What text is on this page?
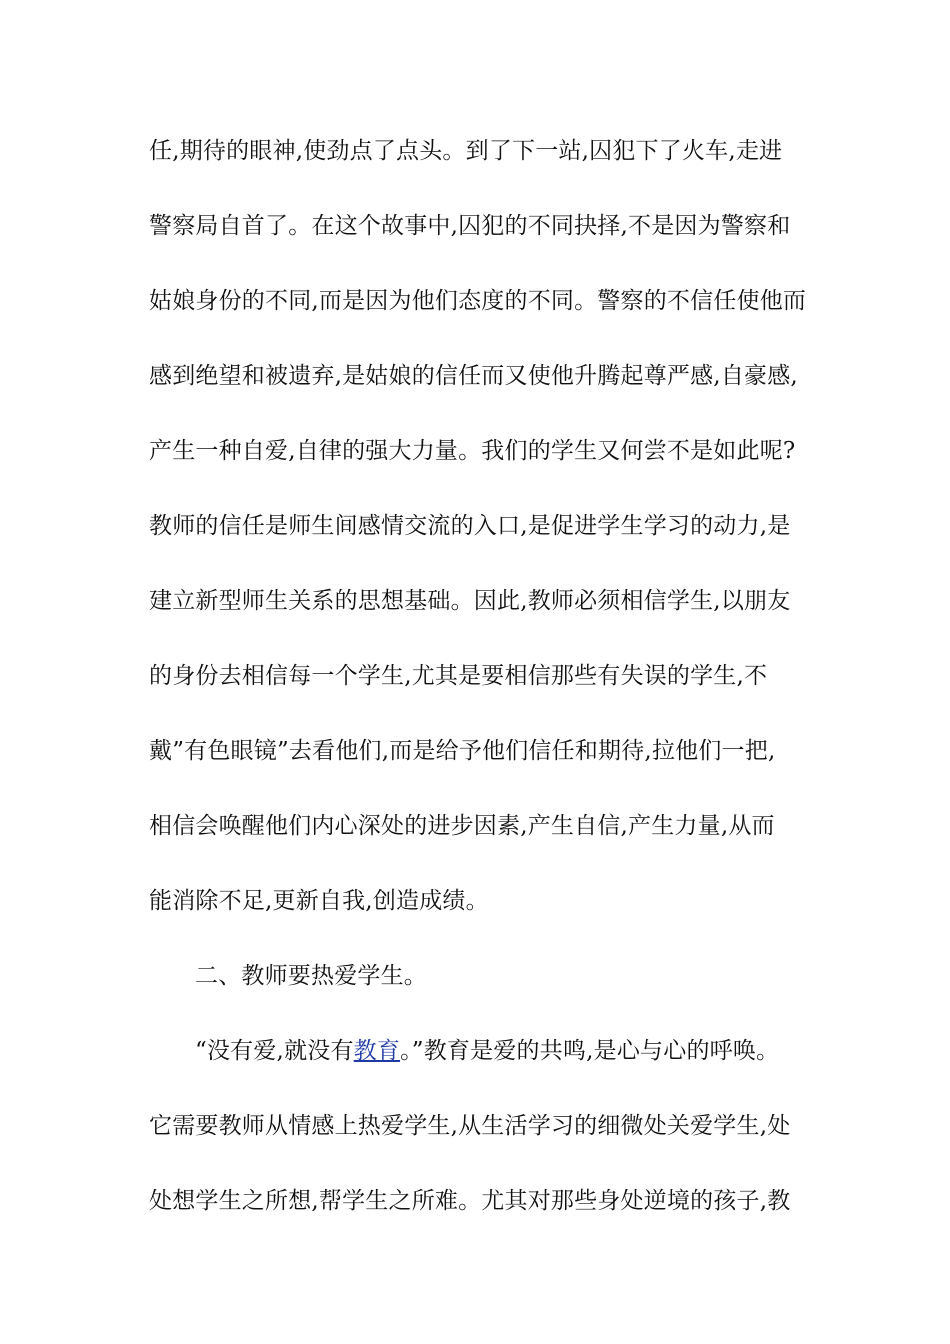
任,期待的眼神,使劲点了点头。到了下一站,囚犯下了火车,走进
警察局自首了。在这个故事中,囚犯的不同抉择,不是因为警察和
姑娘身份的不同,而是因为他们态度的不同。警察的不信任使他而
感到绝望和被遗弃,是姑娘的信任而又使他升腾起尊严感,自豪感,
产生一种自爱,自律的强大力量。我们的学生又何尝不是如此呢?
教师的信任是师生间感情交流的入口,是促进学生学习的动力,是
建立新型师生关系的思想基础。因此,教师必须相信学生,以朋友
的身份去相信每一个学生,尤其是要相信那些有失误的学生,不
戴”有色眼镜”去看他们,而是给予他们信任和期待,拉他们一把,
相信会唤醒他们内心深处的进步因素,产生自信,产生力量,从而
能消除不足,更新自我,创造成绩。
二、教师要热爱学生。
“没有爱,就没有教育。”教育是爱的共鸣,是心与心的呼唤。
它需要教师从情感上热爱学生,从生活学习的细微处关爱学生,处
处想学生之所想,帮学生之所难。尤其对那些身处逆境的孩子,教
